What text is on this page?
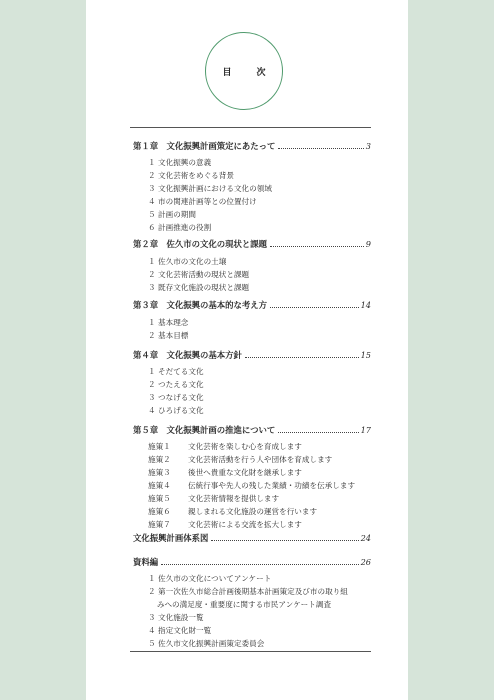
目　次
第１章　文化振興計画策定にあたって	3
１ 文化振興の意義
２ 文化芸術をめぐる背景
３ 文化振興計画における文化の領域
４ 市の関連計画等との位置付け
５ 計画の期間
６ 計画推進の役割
第２章　佐久市の文化の現状と課題	9
１ 佐久市の文化の土壌
２ 文化芸術活動の現状と課題
３ 既存文化施設の現状と課題
第３章　文化振興の基本的な考え方	14
１ 基本理念
２ 基本目標
第４章　文化振興の基本方針	15
１ そだてる文化
２ つたえる文化
３ つなげる文化
４ ひろげる文化
第５章　文化振興計画の推進について	17
施策１ 文化芸術を楽しむ心を育成します
施策２ 文化芸術活動を行う人や団体を育成します
施策３ 後世へ貴重な文化財を継承します
施策４ 伝統行事や先人の残した業績・功績を伝承します
施策５ 文化芸術情報を提供します
施策６ 親しまれる文化施設の運営を行います
施策７ 文化芸術による交流を拡大します
文化振興計画体系図	24
資料編	26
１ 佐久市の文化についてアンケート
２ 第一次佐久市総合計画後期基本計画策定及び市の取り組
みへの満足度・重要度に関する市民アンケート調査
３ 文化施設一覧
４ 指定文化財一覧
５ 佐久市文化振興計画策定委員会
